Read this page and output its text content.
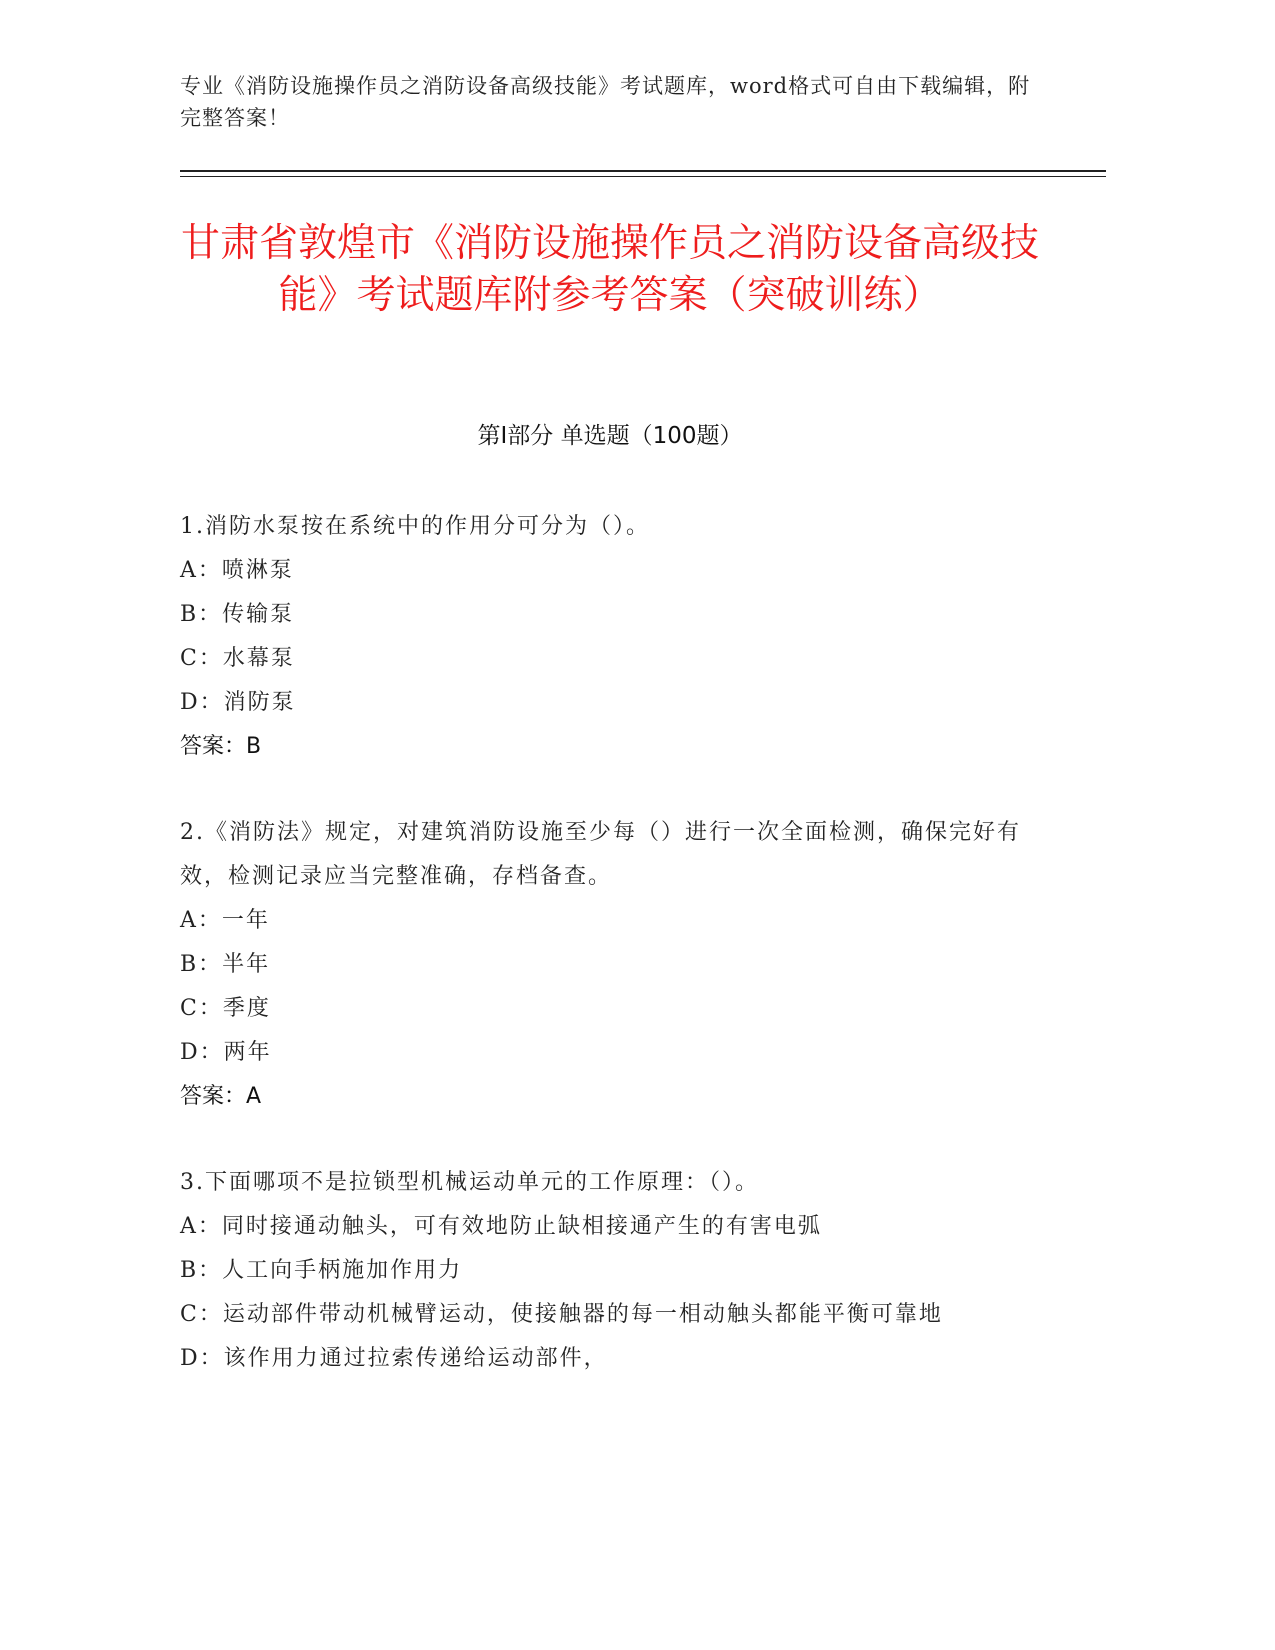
专业《消防设施操作员之消防设备高级技能》考试题库，word格式可自由下载编辑，附完整答案！
甘肃省敦煌市《消防设施操作员之消防设备高级技能》考试题库附参考答案（突破训练）
第Ⅰ部分 单选题（100题）
1.消防水泵按在系统中的作用分可分为（）。
A：喷淋泵
B：传输泵
C：水幕泵
D：消防泵
答案：B
2.《消防法》规定，对建筑消防设施至少每（）进行一次全面检测，确保完好有效，检测记录应当完整准确，存档备查。
A：一年
B：半年
C：季度
D：两年
答案：A
3.下面哪项不是拉锁型机械运动单元的工作原理：（）。
A：同时接通动触头，可有效地防止缺相接通产生的有害电弧
B：人工向手柄施加作用力
C：运动部件带动机械臂运动，使接触器的每一相动触头都能平衡可靠地
D：该作用力通过拉索传递给运动部件，
